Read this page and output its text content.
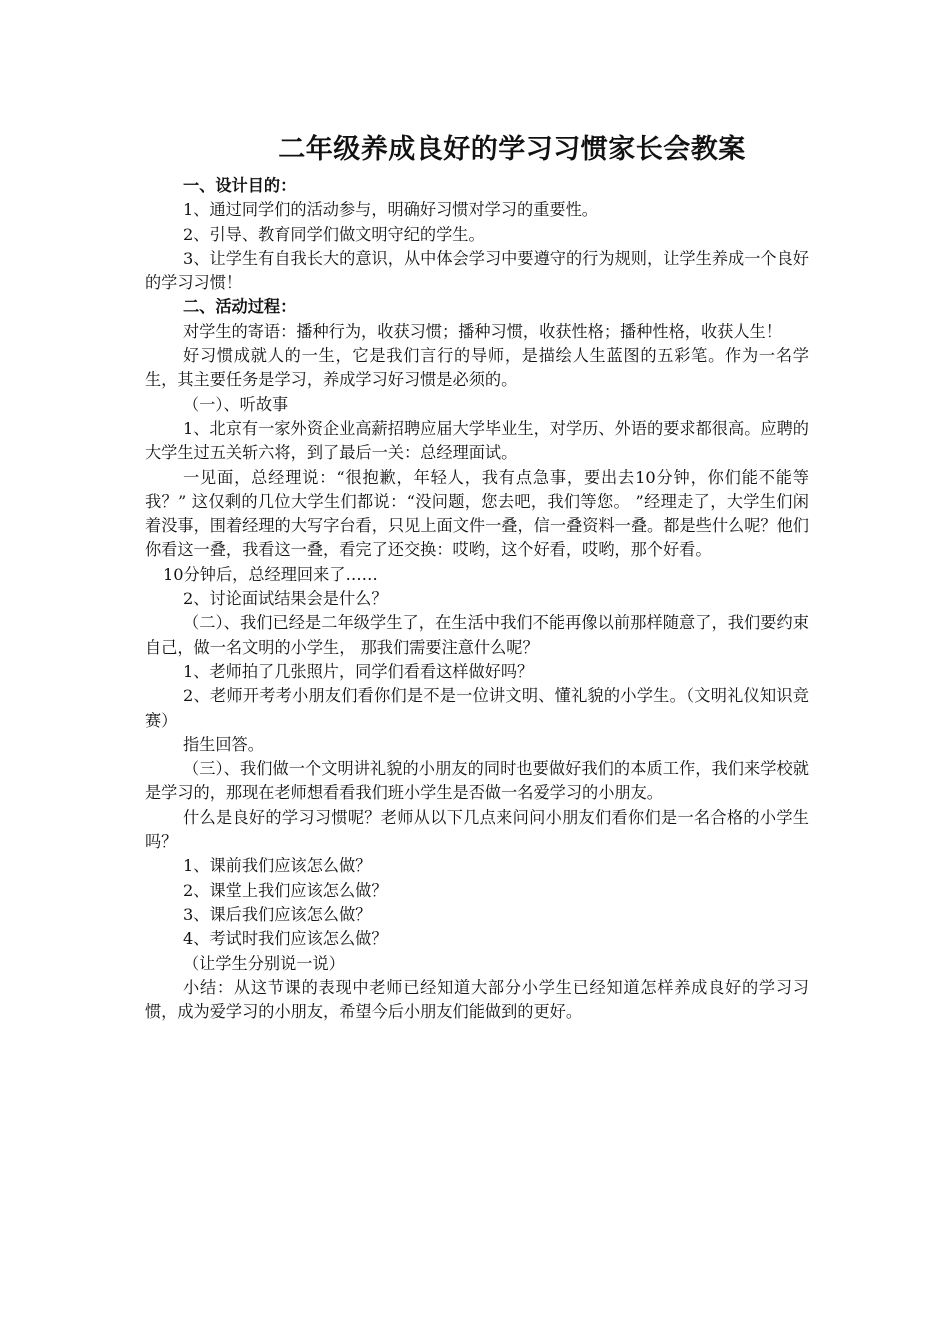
二年级养成良好的学习习惯家长会教案

一、设计目的：

1、通过同学们的活动参与，明确好习惯对学习的重要性。

2、引导、教育同学们做文明守纪的学生。

3、让学生有自我长大的意识，从中体会学习中要遵守的行为规则，让学生养成一个良好的学习习惯！

二、活动过程：

对学生的寄语：播种行为，收获习惯；播种习惯，收获性格；播种性格，收获人生！

好习惯成就人的一生，它是我们言行的导师，是描绘人生蓝图的五彩笔。作为一名学生，其主要任务是学习，养成学习好习惯是必须的。

（一）、听故事

1、北京有一家外资企业高薪招聘应届大学毕业生，对学历、外语的要求都很高。应聘的大学生过五关斩六将，到了最后一关：总经理面试。

一见面，总经理说：“很抱歉，年轻人，我有点急事，要出去10分钟，你们能不能等我？” 这仅剩的几位大学生们都说：“没问题，您去吧，我们等您。 ”经理走了，大学生们闲着没事，围着经理的大写字台看，只见上面文件一叠，信一叠资料一叠。都是些什么呢？他们你看这一叠，我看这一叠，看完了还交换：哎哟，这个好看，哎哟，那个好看。

10分钟后，总经理回来了……

2、讨论面试结果会是什么？

（二）、我们已经是二年级学生了，在生活中我们不能再像以前那样随意了，我们要约束自己，做一名文明的小学生， 那我们需要注意什么呢？

1、老师拍了几张照片，同学们看看这样做好吗？

2、老师开考考小朋友们看你们是不是一位讲文明、懂礼貌的小学生。（文明礼仪知识竞赛）

指生回答。

（三）、我们做一个文明讲礼貌的小朋友的同时也要做好我们的本质工作，我们来学校就是学习的，那现在老师想看看我们班小学生是否做一名爱学习的小朋友。

什么是良好的学习习惯呢？老师从以下几点来问问小朋友们看你们是一名合格的小学生吗？

1、课前我们应该怎么做？

2、课堂上我们应该怎么做？

3、课后我们应该怎么做？

4、考试时我们应该怎么做？

（让学生分别说一说）

小结：从这节课的表现中老师已经知道大部分小学生已经知道怎样养成良好的学习习惯，成为爱学习的小朋友，希望今后小朋友们能做到的更好。
